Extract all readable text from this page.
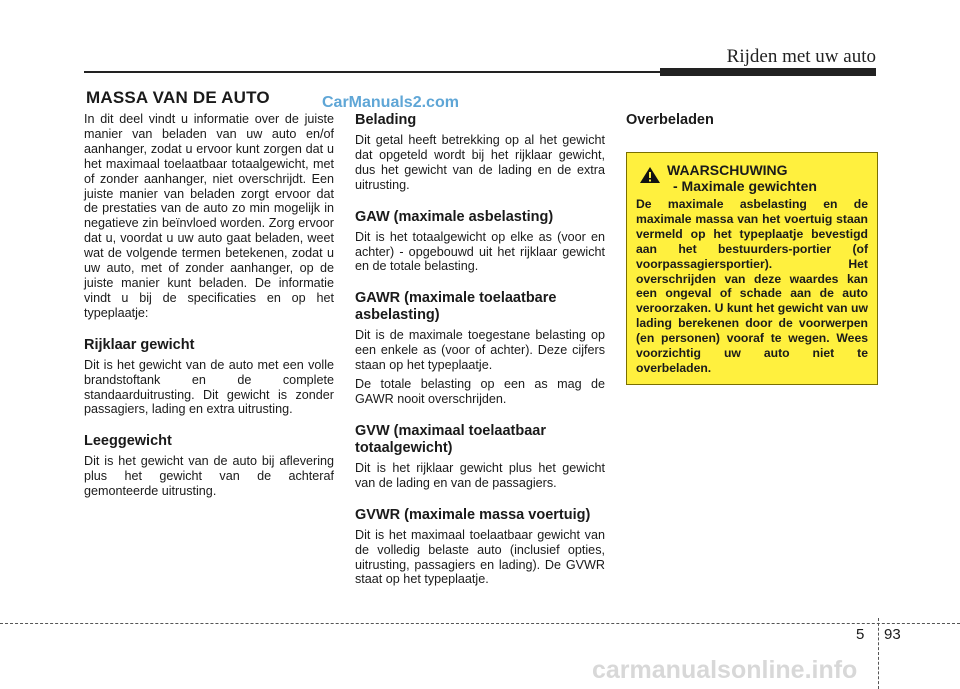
Rijden met uw auto
MASSA VAN DE AUTO	CarManuals2.com

In dit deel vindt u informatie over de juiste manier van beladen van uw auto en/of aanhanger, zodat u ervoor kunt zorgen dat u het maximaal toelaatbaar totaalgewicht, met of zonder aanhanger, niet overschrijdt. Een juiste manier van beladen zorgt ervoor dat de prestaties van de auto zo min mogelijk in negatieve zin beïnvloed worden. Zorg ervoor dat u, voordat u uw auto gaat beladen, weet wat de volgende termen betekenen, zodat u uw auto, met of zonder aanhanger, op de juiste manier kunt beladen. De informatie vindt u bij de specificaties en op het typeplaatje:

Rijklaar gewicht

Dit is het gewicht van de auto met een volle brandstoftank en de complete standaarduitrusting. Dit gewicht is zonder passagiers, lading en extra uitrusting.

Leeggewicht

Dit is het gewicht van de auto bij aflevering plus het gewicht van de achteraf gemonteerde uitrusting.

Belading

Dit getal heeft betrekking op al het gewicht dat opgeteld wordt bij het rijklaar gewicht, dus het gewicht van de lading en de extra uitrusting.

GAW (maximale asbelasting)

Dit is het totaalgewicht op elke as (voor en achter) - opgebouwd uit het rijklaar gewicht en de totale belasting.

GAWR (maximale toelaatbare asbelasting)

Dit is de maximale toegestane belasting op een enkele as (voor of achter). Deze cijfers staan op het typeplaatje.

De totale belasting op een as mag de GAWR nooit overschrijden.

GVW (maximaal toelaatbaar totaalgewicht)

Dit is het rijklaar gewicht plus het gewicht van de lading en van de passagiers.

GVWR (maximale massa voertuig)

Dit is het maximaal toelaatbaar gewicht van de volledig belaste auto (inclusief opties, uitrusting, passagiers en lading). De GVWR staat op het typeplaatje.

Overbeladen
WAARSCHUWING
- Maximale gewichten
De maximale asbelasting en de maximale massa van het voertuig staan vermeld op het typeplaatje bevestigd aan het bestuurders-portier (of voorpassagiersportier). Het overschrijden van deze waardes kan een ongeval of schade aan de auto veroorzaken. U kunt het gewicht van uw lading berekenen door de voorwerpen (en personen) vooraf te wegen. Wees voorzichtig uw auto niet te overbeladen.
5 93
carmanualsonline.info
